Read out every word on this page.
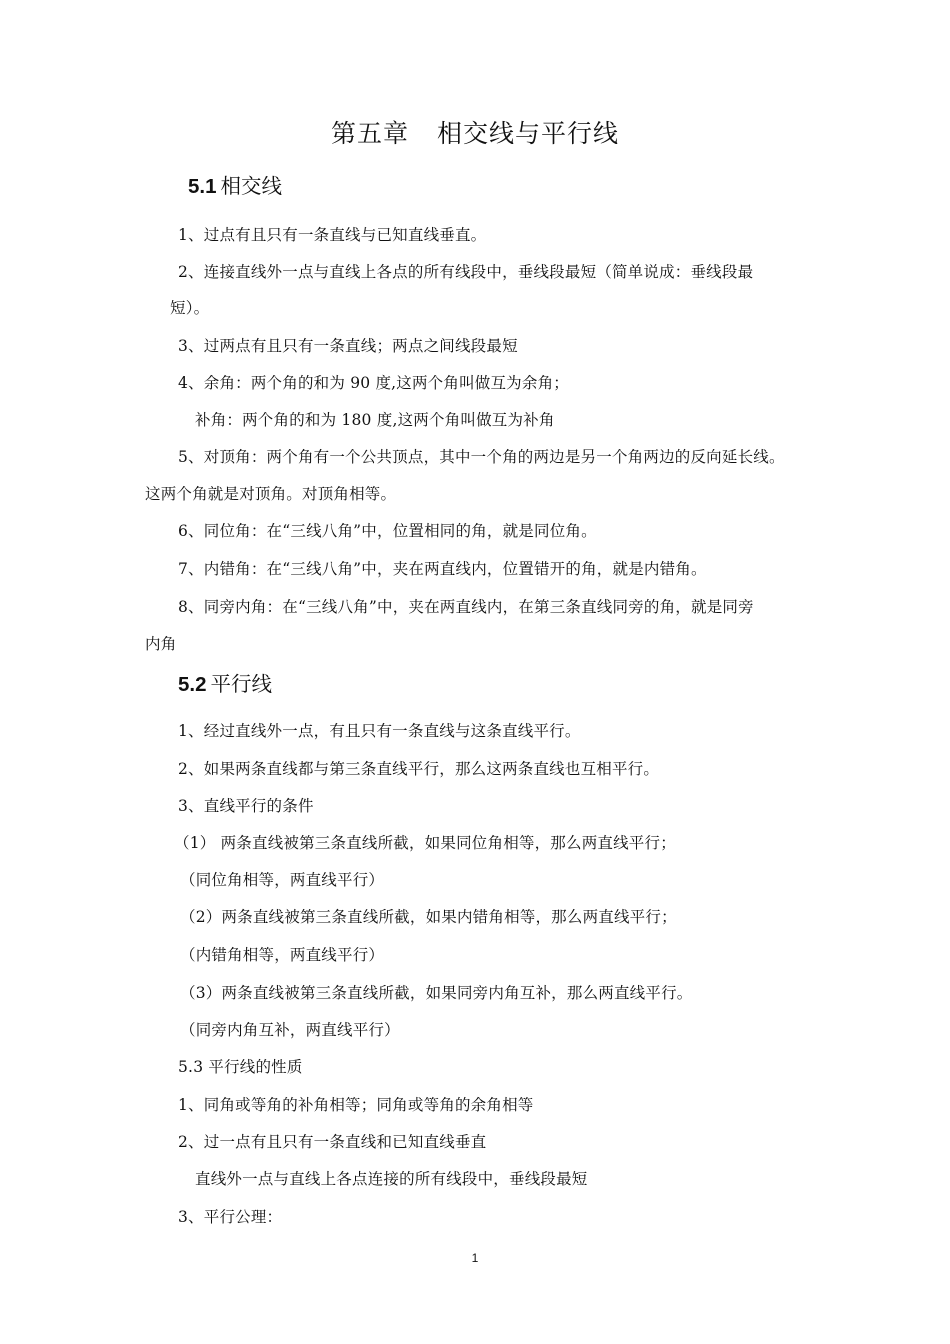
第五章 相交线与平行线
5.1 相交线
1、过点有且只有一条直线与已知直线垂直。
2、连接直线外一点与直线上各点的所有线段中，垂线段最短（简单说成：垂线段最
短）。
3、过两点有且只有一条直线；两点之间线段最短
4、余角：两个角的和为 90 度,这两个角叫做互为余角；
补角：两个角的和为 180 度,这两个角叫做互为补角
5、对顶角：两个角有一个公共顶点，其中一个角的两边是另一个角两边的反向延长线。
这两个角就是对顶角。对顶角相等。
6、同位角：在“三线八角”中，位置相同的角，就是同位角。
7、内错角：在“三线八角”中，夹在两直线内，位置错开的角，就是内错角。
8、同旁内角：在“三线八角”中，夹在两直线内，在第三条直线同旁的角，就是同旁
内角
5.2 平行线
1、经过直线外一点，有且只有一条直线与这条直线平行。
2、如果两条直线都与第三条直线平行，那么这两条直线也互相平行。
3、直线平行的条件
（1） 两条直线被第三条直线所截，如果同位角相等，那么两直线平行；
（同位角相等，两直线平行）
（2）两条直线被第三条直线所截，如果内错角相等，那么两直线平行；
（内错角相等，两直线平行）
（3）两条直线被第三条直线所截，如果同旁内角互补，那么两直线平行。
（同旁内角互补，两直线平行）
5.3 平行线的性质
1、同角或等角的补角相等；同角或等角的余角相等
2、过一点有且只有一条直线和已知直线垂直
直线外一点与直线上各点连接的所有线段中，垂线段最短
3、平行公理：
1
